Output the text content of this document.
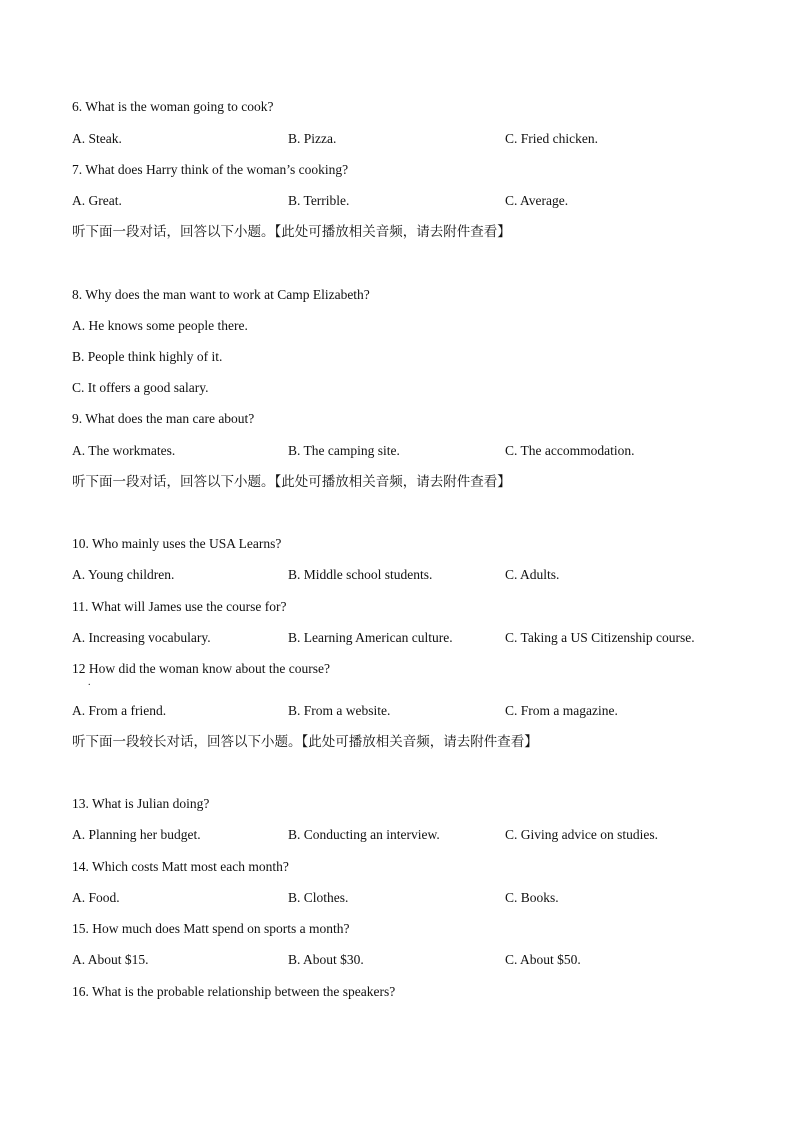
6. What is the woman going to cook?
A. Steak.	B. Pizza.	C. Fried chicken.
7. What does Harry think of the woman’s cooking?
A. Great.	B. Terrible.	C. Average.
听下面一段对话，回答以下小题。【此处可播放相关音频，请去附件查看】
8. Why does the man want to work at Camp Elizabeth?
A. He knows some people there.
B. People think highly of it.
C. It offers a good salary.
9. What does the man care about?
A. The workmates.	B. The camping site.	C. The accommodation.
听下面一段对话，回答以下小题。【此处可播放相关音频，请去附件查看】
10. Who mainly uses the USA Learns?
A. Young children.	B. Middle school students.	C. Adults.
11. What will James use the course for?
A. Increasing vocabulary.	B. Learning American culture.	C. Taking a US Citizenship course.
12 How did the woman know about the course?
.
A. From a friend.	B. From a website.	C. From a magazine.
听下面一段较长对话，回答以下小题。【此处可播放相关音频，请去附件查看】
13. What is Julian doing?
A. Planning her budget.	B. Conducting an interview.	C. Giving advice on studies.
14. Which costs Matt most each month?
A. Food.	B. Clothes.	C. Books.
15. How much does Matt spend on sports a month?
A. About $15.	B. About $30.	C. About $50.
16. What is the probable relationship between the speakers?
